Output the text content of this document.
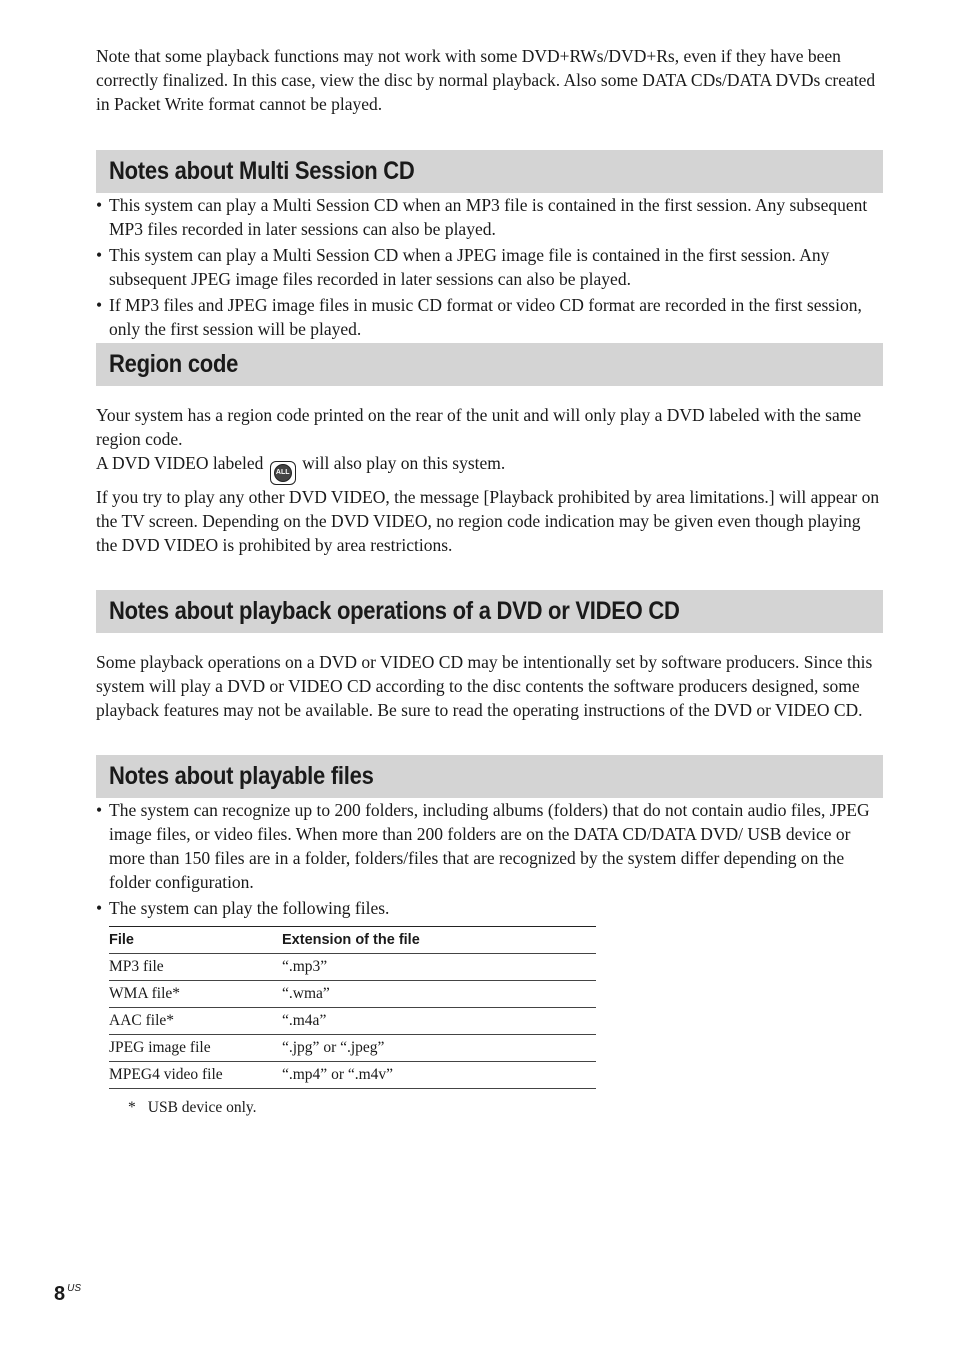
Note that some playback functions may not work with some DVD+RWs/DVD+Rs, even if they have been correctly finalized. In this case, view the disc by normal playback. Also some DATA CDs/DATA DVDs created in Packet Write format cannot be played.

Notes about Multi Session CD
• This system can play a Multi Session CD when an MP3 file is contained in the first session. Any subsequent MP3 files recorded in later sessions can also be played.
• This system can play a Multi Session CD when a JPEG image file is contained in the first session. Any subsequent JPEG image files recorded in later sessions can also be played.
• If MP3 files and JPEG image files in music CD format or video CD format are recorded in the first session, only the first session will be played.
Region code

Your system has a region code printed on the rear of the unit and will only play a DVD labeled with the same region code.

A DVD VIDEO labeled	ALL will also play on this system.

If you try to play any other DVD VIDEO, the message [Playback prohibited by area limitations.] will appear on the TV screen. Depending on the DVD VIDEO, no region code indication may be given even though playing the DVD VIDEO is prohibited by area restrictions.

Notes about playback operations of a DVD or VIDEO CD

Some playback operations on a DVD or VIDEO CD may be intentionally set by software producers. Since this system will play a DVD or VIDEO CD according to the disc contents the software producers designed, some playback features may not be available. Be sure to read the operating instructions of the DVD or VIDEO CD.

Notes about playable files
• The system can recognize up to 200 folders, including albums (folders) that do not contain audio files, JPEG image files, or video files. When more than 200 folders are on the DATA CD/DATA DVD/ USB device or more than 150 files are in a folder, folders/files that are recognized by the system differ depending on the folder configuration.
• The system can play the following files.
File	Extension of the file
MP3 file	“.mp3”
WMA file*	“.wma”
AAC file*	“.m4a”
JPEG image file	“.jpg” or “.jpeg”
MPEG4 video file	“.mp4” or “.m4v”
* USB device only.
8 $^{US}$
